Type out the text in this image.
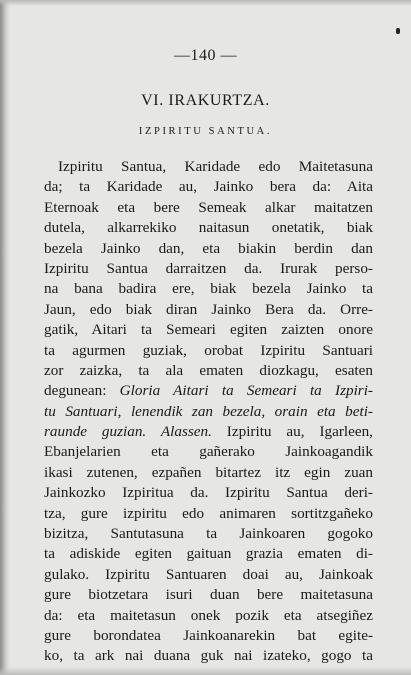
—140 —
VI. IRAKURTZA.
IZPIRITU SANTUA.
Izpiritu Santua, Karidade edo Maitetasuna
da; ta Karidade au, Jainko bera da: Aita
Eternoak eta bere Semeak alkar maitatzen
dutela, alkarrekiko naitasun onetatik, biak
bezela Jainko dan, eta biakin berdin dan
Izpiritu Santua darraitzen da. Irurak perso-
na bana badira ere, biak bezela Jainko ta
Jaun, edo biak diran Jainko Bera da. Orre-
gatik, Aitari ta Semeari egiten zaizten onore
ta agurmen guziak, orobat Izpiritu Santuari
zor zaizka, ta ala ematen diozkagu, esaten
degunean: Gloria Aitari ta Semeari ta Izpiri-
tu Santuari, lenendik zan bezela, orain eta beti-
raunde guzian. Alassen. Izpiritu au, Igarleen,
Ebanjelarien eta gañerako Jainkoagandik
ikasi zutenen, ezpañen bitartez itz egin zuan
Jainkozko Izpiritua da. Izpiritu Santua deri-
tza, gure izpiritu edo animaren sortitzgañeko
bizitza, Santutasuna ta Jainkoaren gogoko
ta adiskide egiten gaituan grazia ematen di-
gulako. Izpiritu Santuaren doai au, Jainkoak
gure biotzetara isuri duan bere maitetasuna
da: eta maitetasun onek pozik eta atsegiñez
gure borondatea Jainkoanarekin bat egite-
ko, ta ark nai duana guk nai izateko, gogo ta
